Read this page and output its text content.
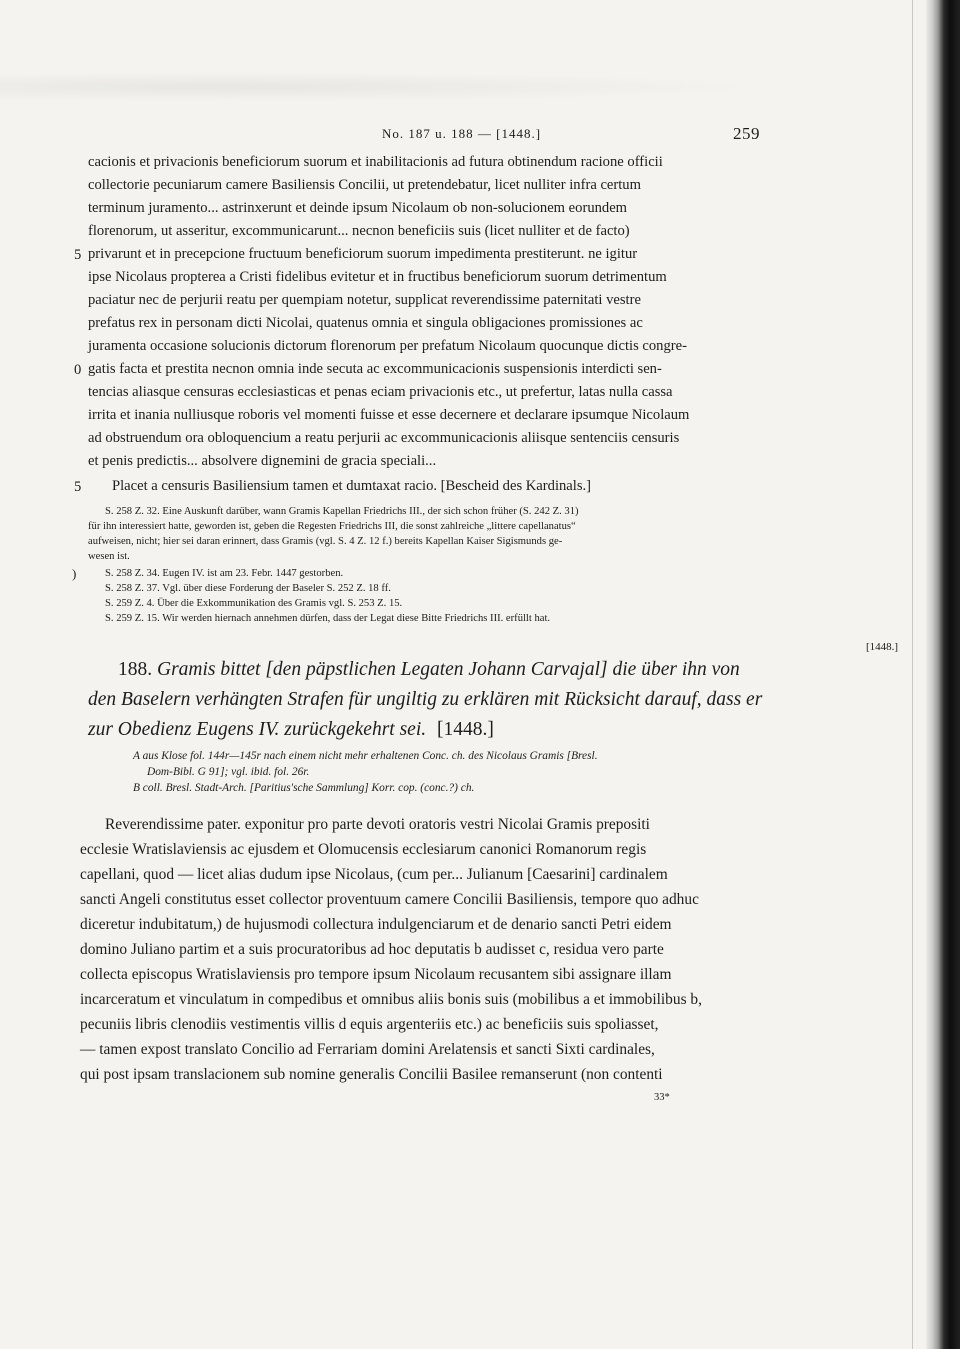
No. 187 u. 188 — [1448.]	259
cacionis et privacionis beneficiorum suorum et inabilitacionis ad futura obtinendum racione officii
collectorie pecuniarum camere Basiliensis Concilii, ut pretendebatur, licet nulliter infra certum
terminum juramento... astrinxerunt et deinde ipsum Nicolaum ob non-solucionem eorundem
florenorum, ut asseritur, excommunicarunt... necnon beneficiis suis (licet nulliter et de facto)
privarunt et in precepcione fructuum beneficiorum suorum impedimenta prestiterunt. ne igitur
ipse Nicolaus propterea a Cristi fidelibus evitetur et in fructibus beneficiorum suorum detrimentum
paciatur nec de perjurii reatu per quempiam notetur, supplicat reverendissime paternitati vestre
prefatus rex in personam dicti Nicolai, quatenus omnia et singula obligaciones promissiones ac
juramenta occasione solucionis dictorum florenorum per prefatum Nicolaum quocunque dictis congre-
gatis facta et prestita necnon omnia inde secuta ac excommunicacionis suspensionis interdicti sen-
tencias aliasque censuras ecclesiasticas et penas eciam privacionis etc., ut prefertur, latas nulla cassa
irrita et inania nulliusque roboris vel momenti fuisse et esse decernere et declarare ipsumque Nicolaum
ad obstruendum ora obloquencium a reatu perjurii ac excommunicacionis aliisque sentenciis censuris
et penis predictis... absolvere dignemini de gracia speciali...
Placet a censuris Basiliensium tamen et dumtaxat racio. [Bescheid des Kardinals.]
5
0
5
S. 258 Z. 32. Eine Auskunft darüber, wann Gramis Kapellan Friedrichs III., der sich schon früher (S. 242 Z. 31)
für ihn interessiert hatte, geworden ist, geben die Regesten Friedrichs III, die sonst zahlreiche „littere capellanatus“
aufweisen, nicht; hier sei daran erinnert, dass Gramis (vgl. S. 4 Z. 12 f.) bereits Kapellan Kaiser Sigismunds ge-
wesen ist.
S. 258 Z. 34. Eugen IV. ist am 23. Febr. 1447 gestorben.
S. 258 Z. 37. Vgl. über diese Forderung der Baseler S. 252 Z. 18 ff.
S. 259 Z. 4. Über die Exkommunikation des Gramis vgl. S. 253 Z. 15.
S. 259 Z. 15. Wir werden hiernach annehmen dürfen, dass der Legat diese Bitte Friedrichs III. erfüllt hat.
)
188. Gramis bittet [den päpstlichen Legaten Johann Carvajal] die über ihn von
den Baselern verhängten Strafen für ungiltig zu erklären mit Rücksicht darauf, dass er
zur Obedienz Eugens IV. zurückgekehrt sei. [1448.]
[1448.]
A aus Klose fol. 144r—145r nach einem nicht mehr erhaltenen Conc. ch. des Nicolaus Gramis [Bresl.
Dom-Bibl. G 91]; vgl. ibid. fol. 26r.
B coll. Bresl. Stadt-Arch. [Paritius'sche Sammlung] Korr. cop. (conc.?) ch.
Reverendissime pater. exponitur pro parte devoti oratoris vestri Nicolai Gramis prepositi
ecclesie Wratislaviensis ac ejusdem et Olomucensis ecclesiarum canonici Romanorum regis
capellani, quod — licet alias dudum ipse Nicolaus, (cum per... Julianum [Caesarini] cardinalem
sancti Angeli constitutus esset collector proventuum camere Concilii Basiliensis, tempore quo adhuc
diceretur indubitatum,) de hujusmodi collectura indulgenciarum et de denario sancti Petri eidem
domino Juliano partim et a suis procuratoribus ad hoc deputatis b audisset c, residua vero parte
collecta episcopus Wratislaviensis pro tempore ipsum Nicolaum recusantem sibi assignare illam
incarceratum et vinculatum in compedibus et omnibus aliis bonis suis (mobilibus a et immobilibus b,
pecuniis libris clenodiis vestimentis villis d equis argenteriis etc.) ac beneficiis suis spoliasset,
— tamen expost translato Concilio ad Ferrariam domini Arelatensis et sancti Sixti cardinales,
qui post ipsam translacionem sub nomine generalis Concilii Basilee remanserunt (non contenti
33*
